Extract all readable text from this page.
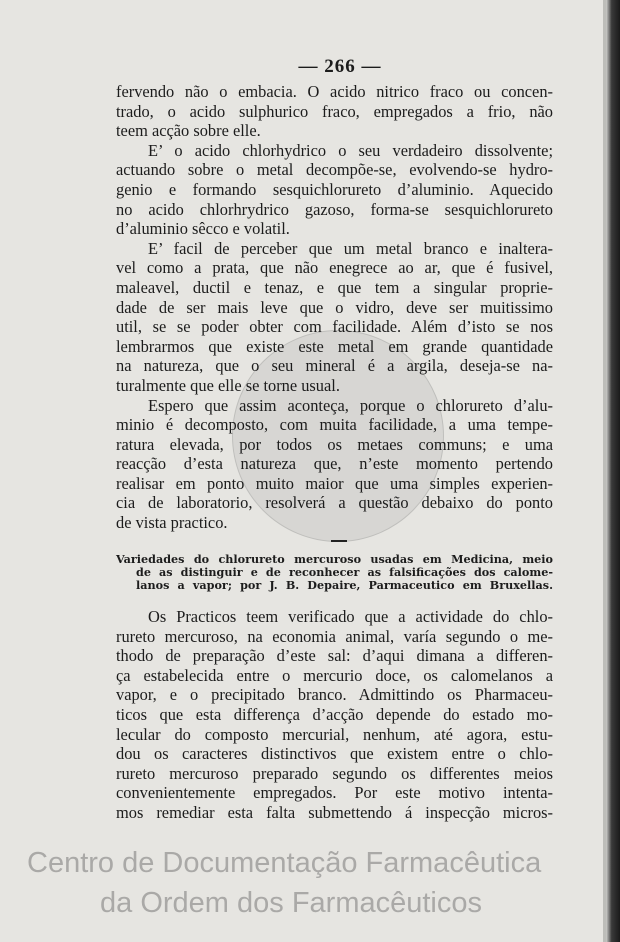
— 266 —
fervendo não o embacia. O acido nitrico fraco ou concen-
trado, o acido sulphurico fraco, empregados a frio, não
teem acção sobre elle.
E’ o acido chlorhydrico o seu verdadeiro dissolvente;
actuando sobre o metal decompõe-se, evolvendo-se hydro-
genio e formando sesquichlorureto d’aluminio. Aquecido
no acido chlorhrydrico gazoso, forma-se sesquichlorureto
d’aluminio sêcco e volatil.
E’ facil de perceber que um metal branco e inaltera-
vel como a prata, que não enegrece ao ar, que é fusivel,
maleavel, ductil e tenaz, e que tem a singular proprie-
dade de ser mais leve que o vidro, deve ser muitissimo
util, se se poder obter com facilidade. Além d’isto se nos
lembrarmos que existe este metal em grande quantidade
na natureza, que o seu mineral é a argila, deseja-se na-
turalmente que elle se torne usual.
Espero que assim aconteça, porque o chlorureto d’alu-
minio é decomposto, com muita facilidade, a uma tempe-
ratura elevada, por todos os metaes communs; e uma
reacção d’esta natureza que, n’este momento pertendo
realisar em ponto muito maior que uma simples experien-
cia de laboratorio, resolverá a questão debaixo do ponto
de vista practico.
Variedades do chlorureto mercuroso usadas em Medicina, meio
de as distinguir e de reconhecer as falsificações dos calome-
lanos a vapor; por J. B. Depaire, Parmaceutico em Bruxellas.
Os Practicos teem verificado que a actividade do chlo-
rureto mercuroso, na economia animal, varía segundo o me-
thodo de preparação d’este sal: d’aqui dimana a differen-
ça estabelecida entre o mercurio doce, os calomelanos a
vapor, e o precipitado branco. Admittindo os Pharmaceu-
ticos que esta differença d’acção depende do estado mo-
lecular do composto mercurial, nenhum, até agora, estu-
dou os caracteres distinctivos que existem entre o chlo-
rureto mercuroso preparado segundo os differentes meios
convenientemente empregados. Por este motivo intenta-
mos remediar esta falta submettendo á inspecção micros-
Centro de Documentação Farmacêutica
da Ordem dos Farmacêuticos
